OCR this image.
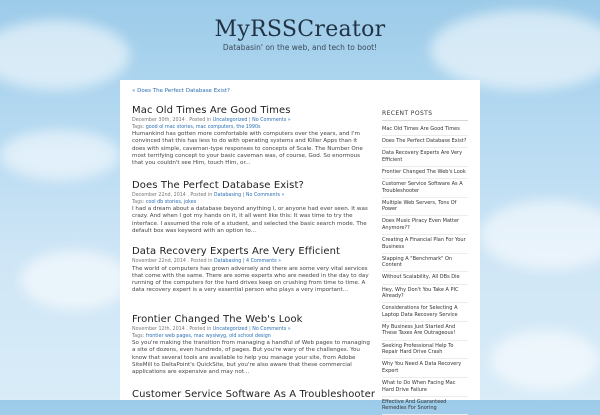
MyRSSCreator
Databasin' on the web, and tech to boot!
« Does The Perfect Database Exist?
Mac Old Times Are Good Times
December 30th, 2014 . Posted in Uncategorized | No Comments »
Tags: good ol mac stories, mac computers, the 1990s
Humankind has gotten more comfortable with computers over the years, and I'm convinced that this has less to do with operating systems and Killer Apps than it does with simple, caveman-type responses to concepts of Scale. The Number One most terrifying concept to your basic caveman was, of course, God. So enormous that you couldn't see Him, touch Him, or...
Does The Perfect Database Exist?
December 22nd, 2014 . Posted in Databasing | No Comments »
Tags: cool db stories, jokes
I had a dream about a database beyond anything I, or anyone had ever seen. It was crazy. And when I got my hands on it, it all went like this: It was time to try the interface. I assumed the role of a student, and selected the basic search mode. The default box was keyword with an option to...
Data Recovery Experts Are Very Efficient
November 22nd, 2014 . Posted in Databasing | 4 Comments »
The world of computers has grown adversely and there are some very vital services that come with the same. There are some experts who are needed in the day to day running of the computers for the hard drives keep on crushing from time to time. A data recovery expert is a very essential person who plays a very important...
Frontier Changed The Web's Look
November 12th, 2014 . Posted in Uncategorized | No Comments »
Tags: frontier web pages, mac wysiwyg, old school design
So you're making the transition from managing a handful of Web pages to managing a site of dozens, even hundreds, of pages. But you're wary of the challenges. You know that several tools are available to help you manage your site, from Adobe SiteMill to DeltaPoint's QuickSite, but you're also aware that these commercial applications are expensive and may not...
Customer Service Software As A Troubleshooter
RECENT POSTS
Mac Old Times Are Good Times
Does The Perfect Database Exist?
Data Recovery Experts Are Very Efficient
Frontier Changed The Web's Look
Customer Service Software As A Troubleshooter
Multiple Web Servers, Tons Of Power
Does Music Piracy Even Matter Anymore??
Creating A Financial Plan For Your Business
Slapping A "Benchmark" On Content
Without Scalability, All DBs Die
Hey, Why Don't You Take A PIC Already?
Considerations for Selecting A Laptop Data Recovery Service
My Business Just Started And These Taxes Are Outrageous!
Seeking Professional Help To Repair Hard Drive Crash
Why You Need A Data Recovery Expert
What to Do When Facing Mac Hard Drive Failure
Effective And Guaranteed Remedies For Snoring
